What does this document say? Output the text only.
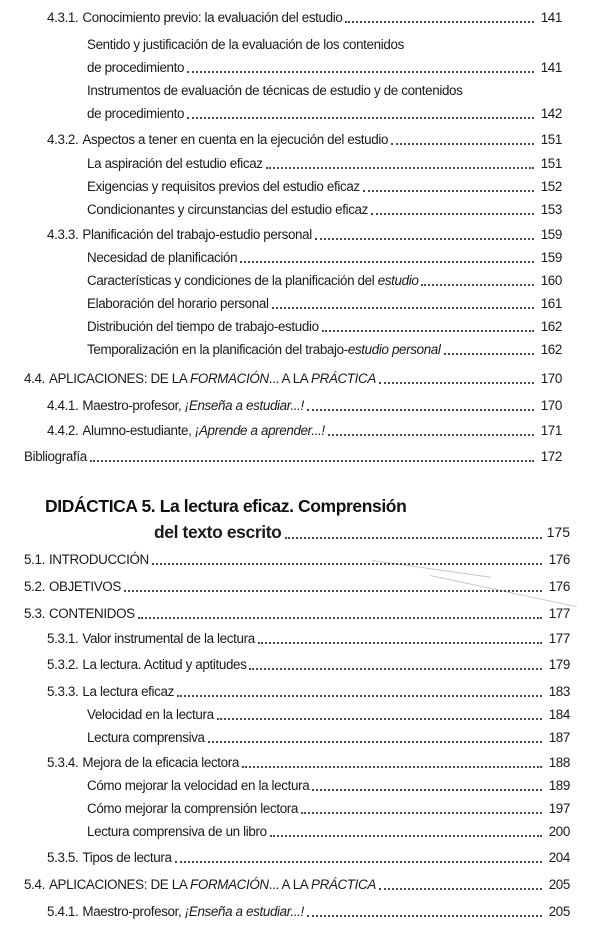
4.3.1. Conocimiento previo: la evaluación del estudio	141
Sentido y justificación de la evaluación de los contenidos
de procedimiento	141
Instrumentos de evaluación de técnicas de estudio y de contenidos
de procedimiento	142
4.3.2. Aspectos a tener en cuenta en la ejecución del estudio	151
La aspiración del estudio eficaz	151
Exigencias y requisitos previos del estudio eficaz	152
Condicionantes y circunstancias del estudio eficaz	153
4.3.3. Planificación del trabajo-estudio personal	159
Necesidad de planificación	159
Características y condiciones de la planificación del estudio	160
Elaboración del horario personal	161
Distribución del tiempo de trabajo-estudio	162
Temporalización en la planificación del trabajo-estudio personal	162
4.4. APLICACIONES: DE LA FORMACIÓN... A LA PRÁCTICA	170
4.4.1. Maestro-profesor, ¡Enseña a estudiar...!	170
4.4.2. Alumno-estudiante, ¡Aprende a aprender...!	171
Bibliografía	172
DIDÁCTICA 5. La lectura eficaz. Comprensión
del texto escrito	175
5.1. INTRODUCCIÓN	176
5.2. OBJETIVOS	176
5.3. CONTENIDOS	177
5.3.1. Valor instrumental de la lectura	177
5.3.2. La lectura. Actitud y aptitudes	179
5.3.3. La lectura eficaz	183
Velocidad en la lectura	184
Lectura comprensiva	187
5.3.4. Mejora de la eficacia lectora	188
Cómo mejorar la velocidad en la lectura	189
Cómo mejorar la comprensión lectora	197
Lectura comprensiva de un libro	200
5.3.5. Tipos de lectura	204
5.4. APLICACIONES: DE LA FORMACIÓN... A LA PRÁCTICA	205
5.4.1. Maestro-profesor, ¡Enseña a estudiar...!	205
